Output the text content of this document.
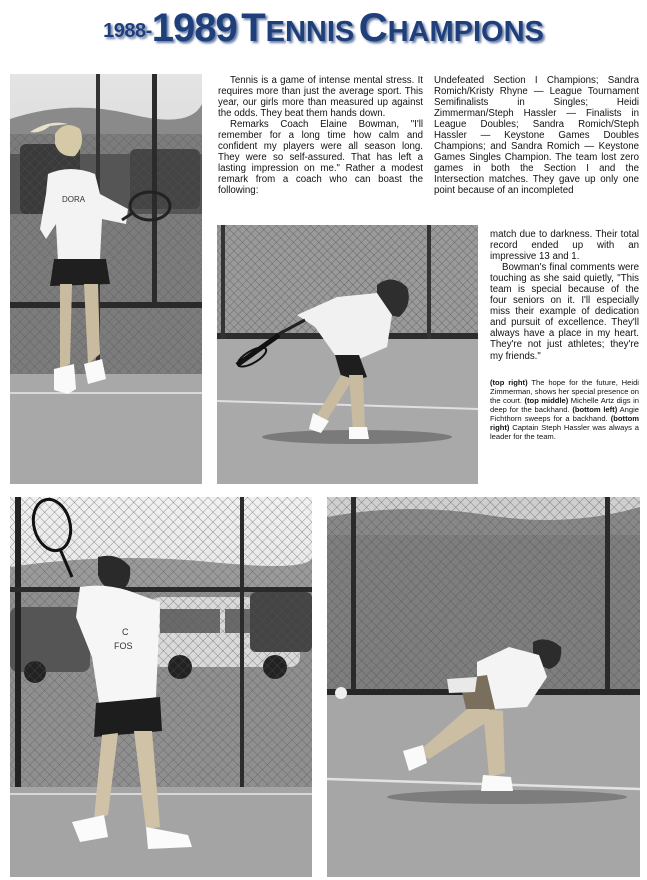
1988-1989 TENNIS CHAMPIONS
DORA

Tennis is a game of intense mental stress. It requires more than just the average sport. This year, our girls more than measured up against the odds. They beat them hands down.

Remarks Coach Elaine Bowman, "I'll remember for a long time how calm and confident my players were all season long. They were so self-assured. That has left a lasting impression on me." Rather a modest remark from a coach who can boast the following:

Undefeated Section I Champions; Sandra Romich/Kristy Rhyne — League Tournament Semifinalists in Singles; Heidi Zimmerman/Steph Hassler — Finalists in League Doubles; Sandra Romich/Steph Hassler — Keystone Games Doubles Champions; and Sandra Romich — Keystone Games Singles Champion. The team lost zero games in both the Section I and the Intersection matches. They gave up only one point because of an incompleted

match due to darkness. Their total record ended up with an impressive 13 and 1.

Bowman's final comments were touching as she said quietly, "This team is special because of the four seniors on it. I'll especially miss their example of dedication and pursuit of excellence. They'll always have a place in my heart. They're not just athletes; they're my friends."

(top right) The hope for the future, Heidi Zimmerman, shows her special presence on the court. (top middle) Michelle Artz digs in deep for the backhand. (bottom left) Angie Fichthorn sweeps for a backhand. (bottom right) Captain Steph Hassler was always a leader for the team.
C
FOS
